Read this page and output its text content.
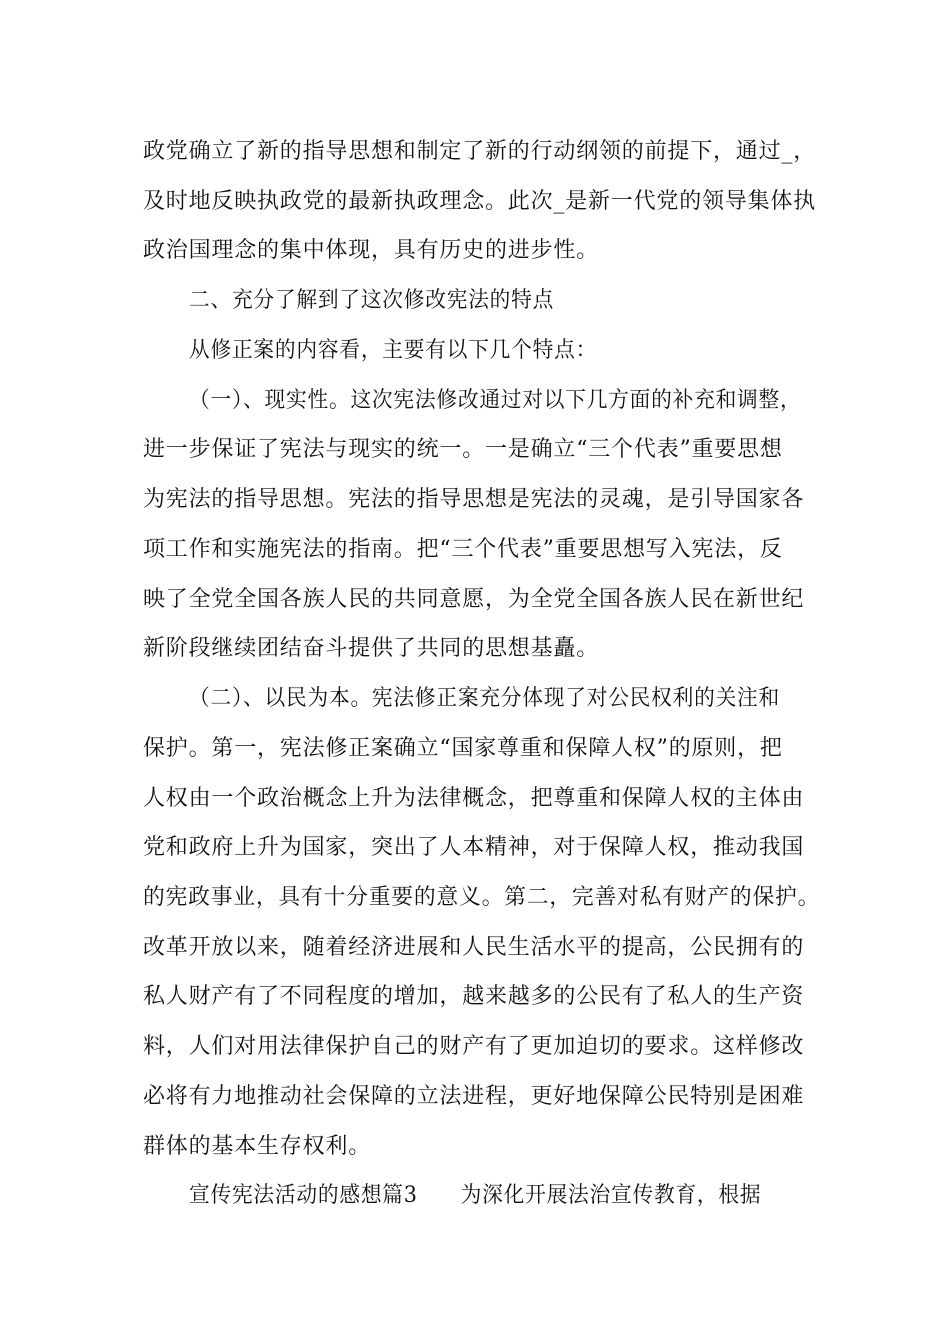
政党确立了新的指导思想和制定了新的行动纲领的前提下，通过_，
及时地反映执政党的最新执政理念。此次_是新一代党的领导集体执
政治国理念的集中体现，具有历史的进步性。
二、充分了解到了这次修改宪法的特点
从修正案的内容看，主要有以下几个特点：
（一）、现实性。这次宪法修改通过对以下几方面的补充和调整，
进一步保证了宪法与现实的统一。一是确立“三个代表”重要思想
为宪法的指导思想。宪法的指导思想是宪法的灵魂，是引导国家各
项工作和实施宪法的指南。把“三个代表”重要思想写入宪法，反
映了全党全国各族人民的共同意愿，为全党全国各族人民在新世纪
新阶段继续团结奋斗提供了共同的思想基矗。
（二）、以民为本。宪法修正案充分体现了对公民权利的关注和
保护。第一，宪法修正案确立“国家尊重和保障人权”的原则，把
人权由一个政治概念上升为法律概念，把尊重和保障人权的主体由
党和政府上升为国家，突出了人本精神，对于保障人权，推动我国
的宪政事业，具有十分重要的意义。第二，完善对私有财产的保护。
改革开放以来，随着经济进展和人民生活水平的提高，公民拥有的
私人财产有了不同程度的增加，越来越多的公民有了私人的生产资
料，人们对用法律保护自己的财产有了更加迫切的要求。这样修改
必将有力地推动社会保障的立法进程，更好地保障公民特别是困难
群体的基本生存权利。
宣传宪法活动的感想篇3　　为深化开展法治宣传教育，根据
